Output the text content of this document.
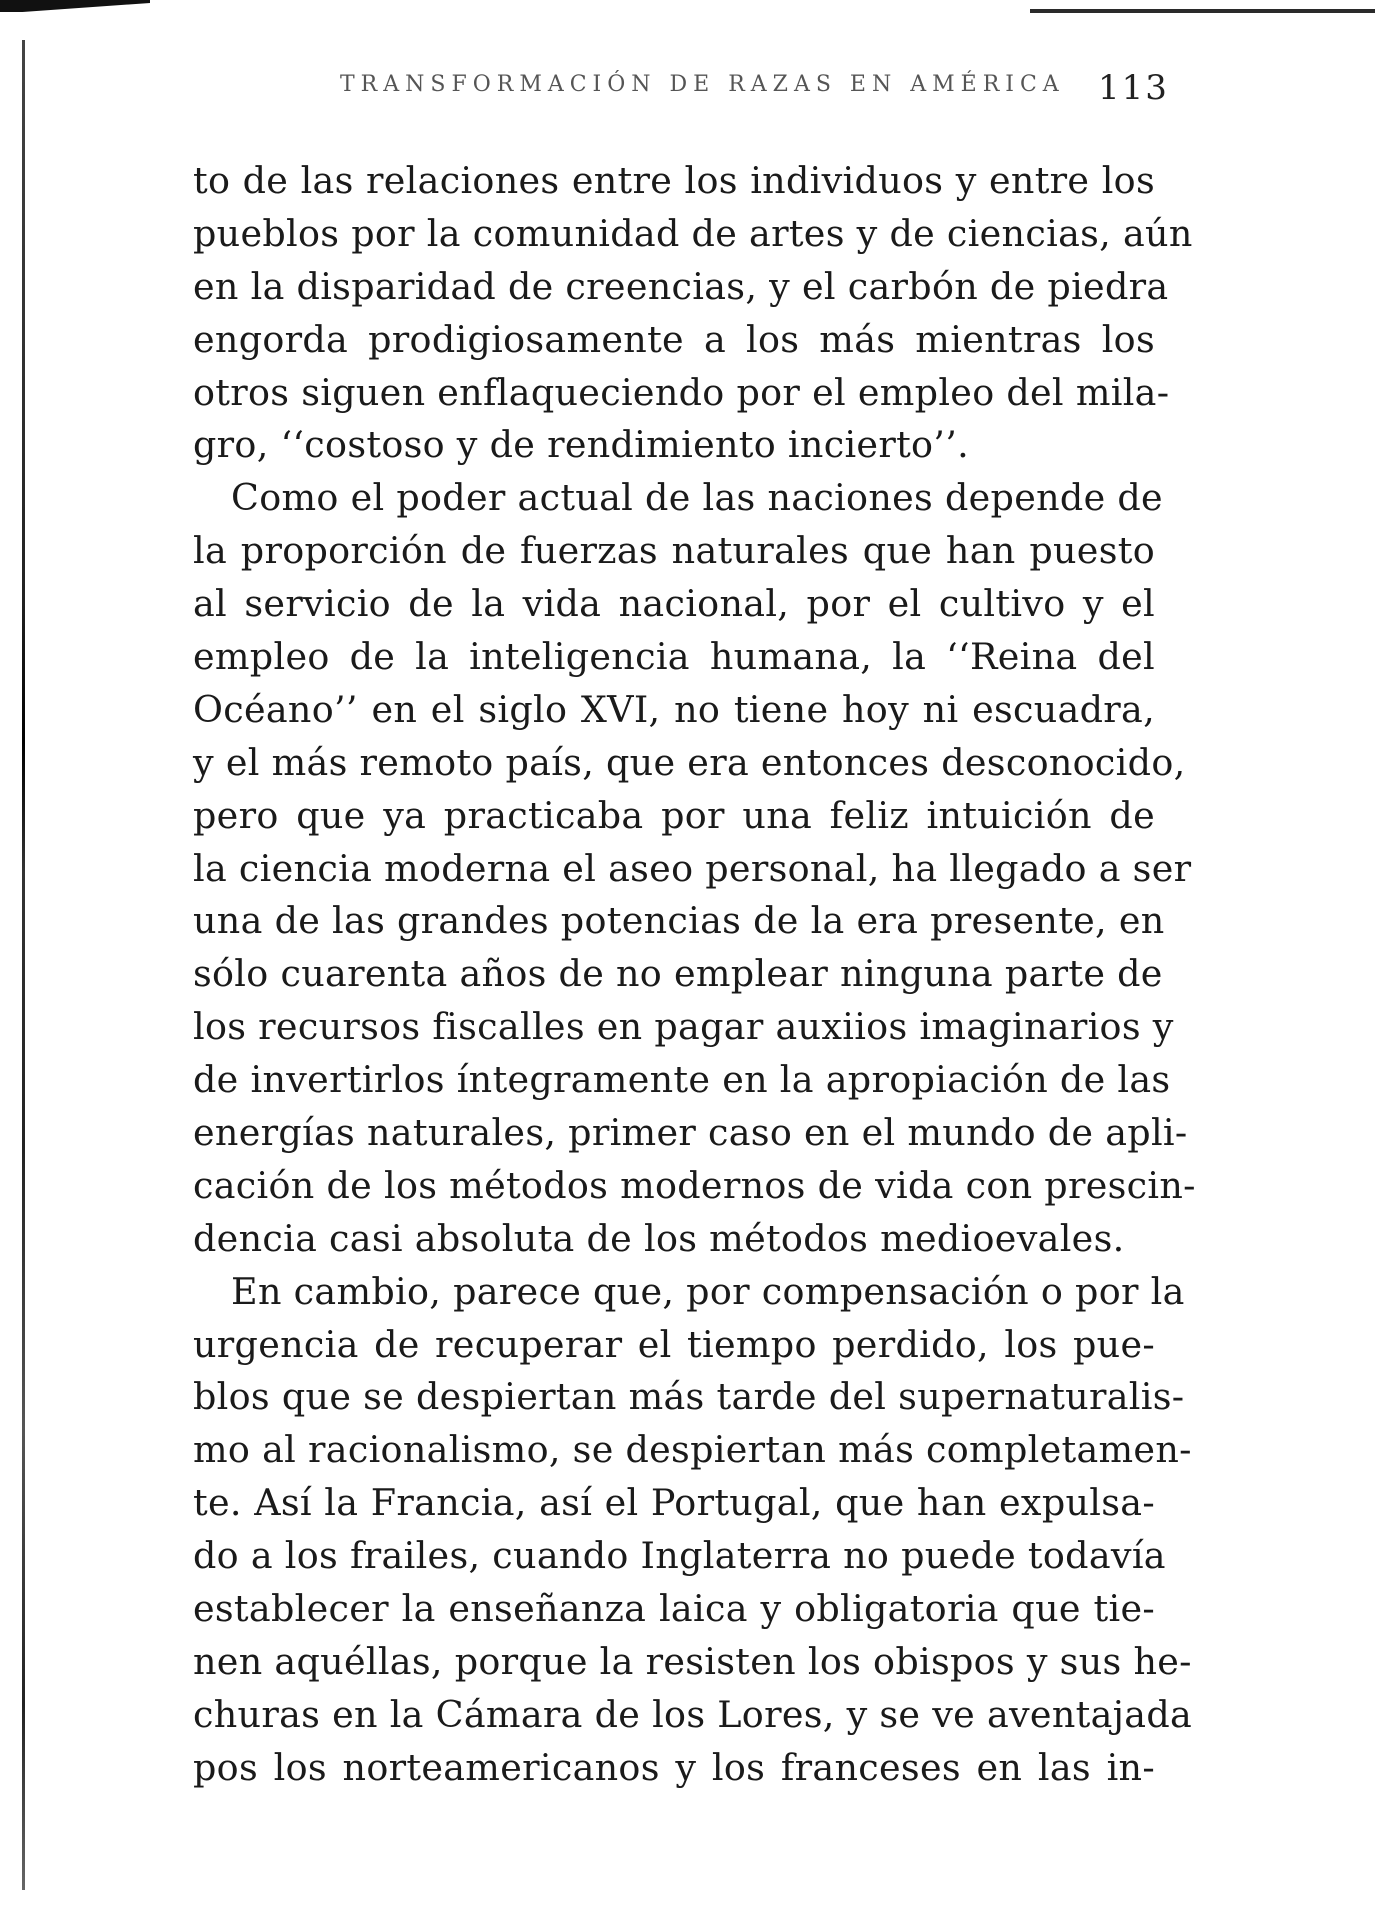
TRANSFORMACIÓN DE RAZAS EN AMÉRICA 113
to de las relaciones entre los individuos y entre los
pueblos por la comunidad de artes y de ciencias, aún
en la disparidad de creencias, y el carbón de piedra
engorda prodigiosamente a los más mientras los
otros siguen enflaqueciendo por el empleo del mila-
gro, ‘‘costoso y de rendimiento incierto’’.
Como el poder actual de las naciones depende de
la proporción de fuerzas naturales que han puesto
al servicio de la vida nacional, por el cultivo y el
empleo de la inteligencia humana, la ‘‘Reina del
Océano’’ en el siglo XVI, no tiene hoy ni escuadra,
y el más remoto país, que era entonces desconocido,
pero que ya practicaba por una feliz intuición de
la ciencia moderna el aseo personal, ha llegado a ser
una de las grandes potencias de la era presente, en
sólo cuarenta años de no emplear ninguna parte de
los recursos fiscalles en pagar auxiios imaginarios y
de invertirlos íntegramente en la apropiación de las
energías naturales, primer caso en el mundo de apli-
cación de los métodos modernos de vida con prescin-
dencia casi absoluta de los métodos medioevales.
En cambio, parece que, por compensación o por la
urgencia de recuperar el tiempo perdido, los pue-
blos que se despiertan más tarde del supernaturalis-
mo al racionalismo, se despiertan más completamen-
te. Así la Francia, así el Portugal, que han expulsa-
do a los frailes, cuando Inglaterra no puede todavía
establecer la enseñanza laica y obligatoria que tie-
nen aquéllas, porque la resisten los obispos y sus he-
churas en la Cámara de los Lores, y se ve aventajada
pos los norteamericanos y los franceses en las in-
